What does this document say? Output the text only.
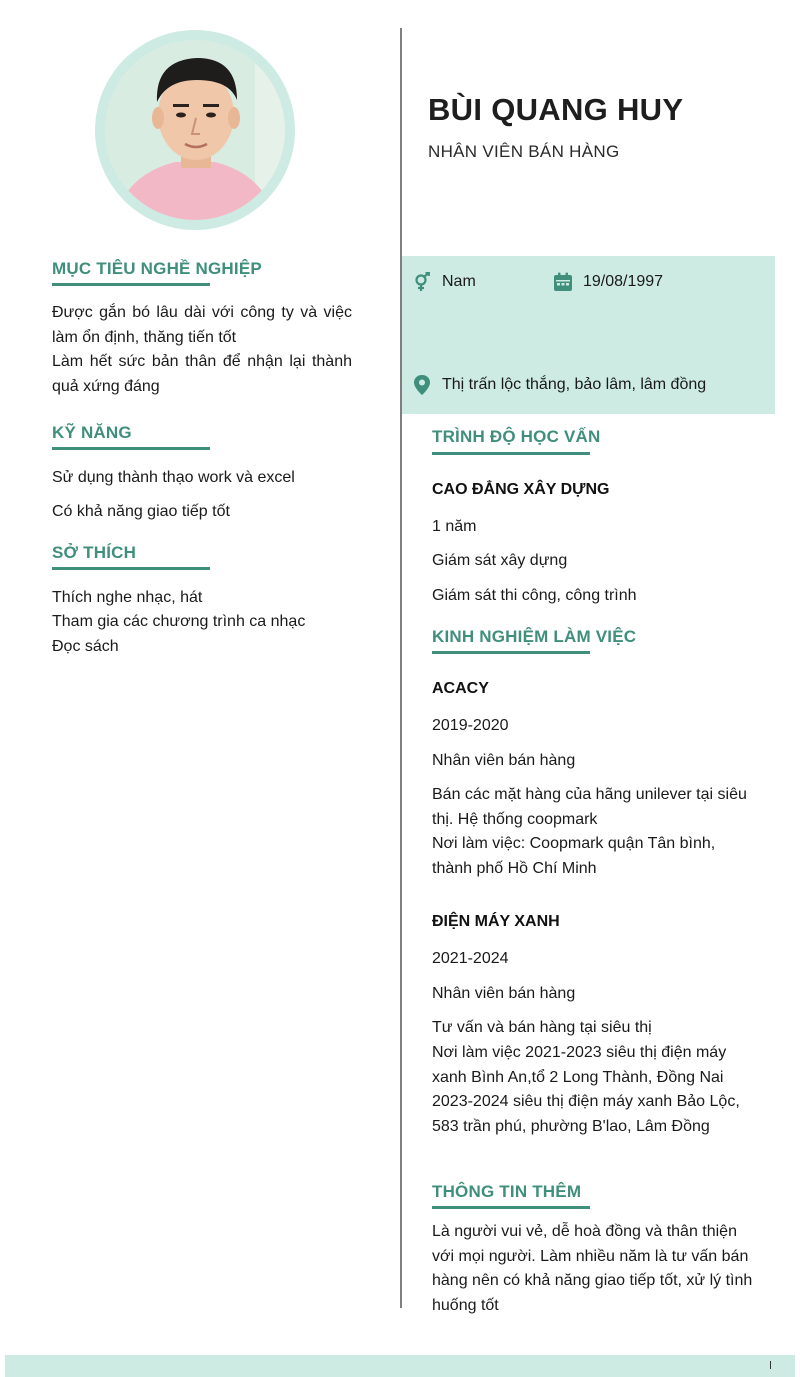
MỤC TIÊU NGHỀ NGHIỆP
Được gắn bó lâu dài với công ty và việc làm ổn định, thăng tiến tốt
Làm hết sức bản thân để nhận lại thành quả xứng đáng
KỸ NĂNG
Sử dụng thành thạo work và excel
Có khả năng giao tiếp tốt
SỞ THÍCH
Thích nghe nhạc, hát
Tham gia các chương trình ca nhạc
Đọc sách
BÙI QUANG HUY
NHÂN VIÊN BÁN HÀNG
Nam	19/08/1997
Thị trấn lộc thắng, bảo lâm, lâm đồng
TRÌNH ĐỘ HỌC VẤN
CAO ĐẲNG XÂY DỰNG
1 năm
Giám sát xây dựng
Giám sát thi công, công trình
KINH NGHIỆM LÀM VIỆC
ACACY
2019-2020
Nhân viên bán hàng
Bán các mặt hàng của hãng unilever tại siêu thị. Hệ thống coopmark
Nơi làm việc: Coopmark quận Tân bình, thành phố Hồ Chí Minh
ĐIỆN MÁY XANH
2021-2024
Nhân viên bán hàng
Tư vấn và bán hàng tại siêu thị
Nơi làm việc 2021-2023 siêu thị điện máy xanh Bình An,tổ 2 Long Thành, Đồng Nai
2023-2024 siêu thị điện máy xanh Bảo Lộc, 583 trần phú, phường B'lao, Lâm Đồng
THÔNG TIN THÊM
Là người vui vẻ, dễ hoà đồng và thân thiện với mọi người. Làm nhiều năm là tư vấn bán hàng nên có khả năng giao tiếp tốt, xử lý tình huống tốt
